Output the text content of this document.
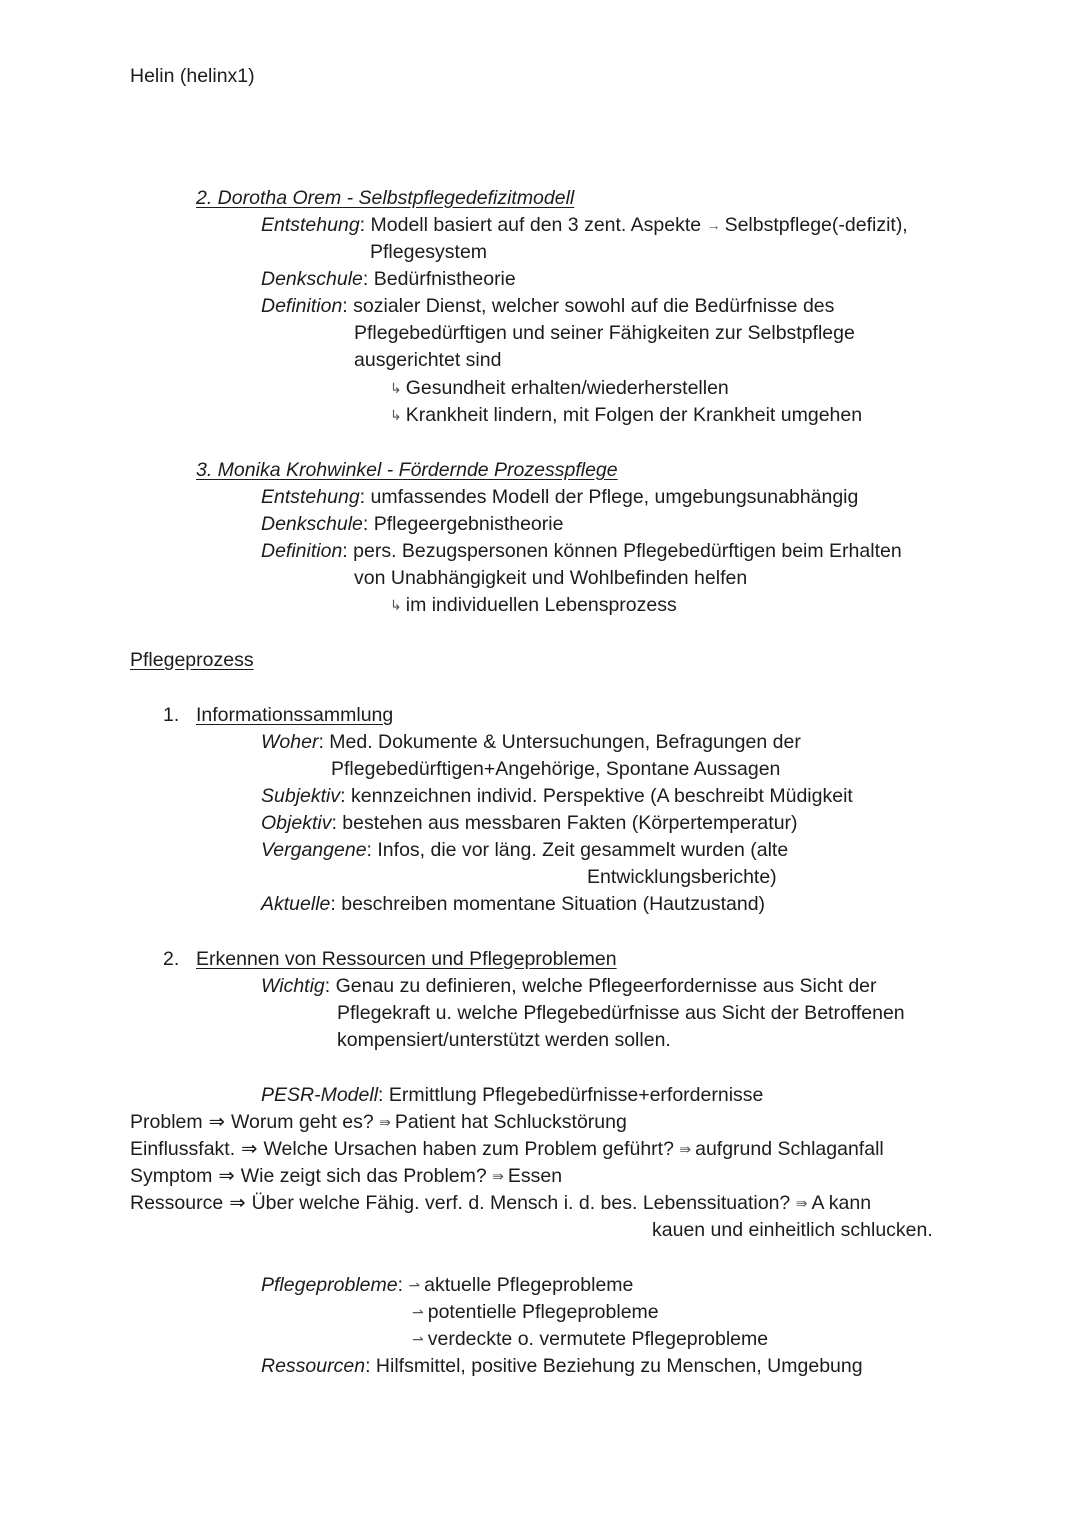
Helin (helinx1)
2. Dorotha Orem - Selbstpflegedefizitmodell
Entstehung: Modell basiert auf den 3 zent. Aspekte → Selbstpflege(-defizit),
Pflegesystem
Denkschule: Bedürfnistheorie
Definition: sozialer Dienst, welcher sowohl auf die Bedürfnisse des
Pflegebedürftigen und seiner Fähigkeiten zur Selbstpflege
ausgerichtet sind
↳ Gesundheit erhalten/wiederherstellen
↳ Krankheit lindern, mit Folgen der Krankheit umgehen
3. Monika Krohwinkel - Fördernde Prozesspflege
Entstehung: umfassendes Modell der Pflege, umgebungsunabhängig
Denkschule: Pflegeergebnistheorie
Definition: pers. Bezugspersonen können Pflegebedürftigen beim Erhalten
von Unabhängigkeit und Wohlbefinden helfen
↳ im individuellen Lebensprozess
Pflegeprozess
1. Informationssammlung
Woher: Med. Dokumente & Untersuchungen, Befragungen der
Pflegebedürftigen+Angehörige, Spontane Aussagen
Subjektiv: kennzeichnen individ. Perspektive (A beschreibt Müdigkeit
Objektiv: bestehen aus messbaren Fakten (Körpertemperatur)
Vergangene: Infos, die vor läng. Zeit gesammelt wurden (alte
Entwicklungsberichte)
Aktuelle: beschreiben momentane Situation (Hautzustand)
2. Erkennen von Ressourcen und Pflegeproblemen
Wichtig: Genau zu definieren, welche Pflegeerfordernisse aus Sicht der
Pflegekraft u. welche Pflegebedürfnisse aus Sicht der Betroffenen
kompensiert/unterstützt werden sollen.
PESR-Modell: Ermittlung Pflegebedürfnisse+erfordernisse
Problem ⇒ Worum geht es? ⇛ Patient hat Schluckstörung
Einflussfakt. ⇒ Welche Ursachen haben zum Problem geführt? ⇛ aufgrund Schlaganfall
Symptom ⇒ Wie zeigt sich das Problem? ⇛ Essen
Ressource ⇒ Über welche Fähig. verf. d. Mensch i. d. bes. Lebenssituation? ⇛ A kann
kauen und einheitlich schlucken.
Pflegeprobleme: ⇀ aktuelle Pflegeprobleme
⇀ potentielle Pflegeprobleme
⇀ verdeckte o. vermutete Pflegeprobleme
Ressourcen: Hilfsmittel, positive Beziehung zu Menschen, Umgebung
